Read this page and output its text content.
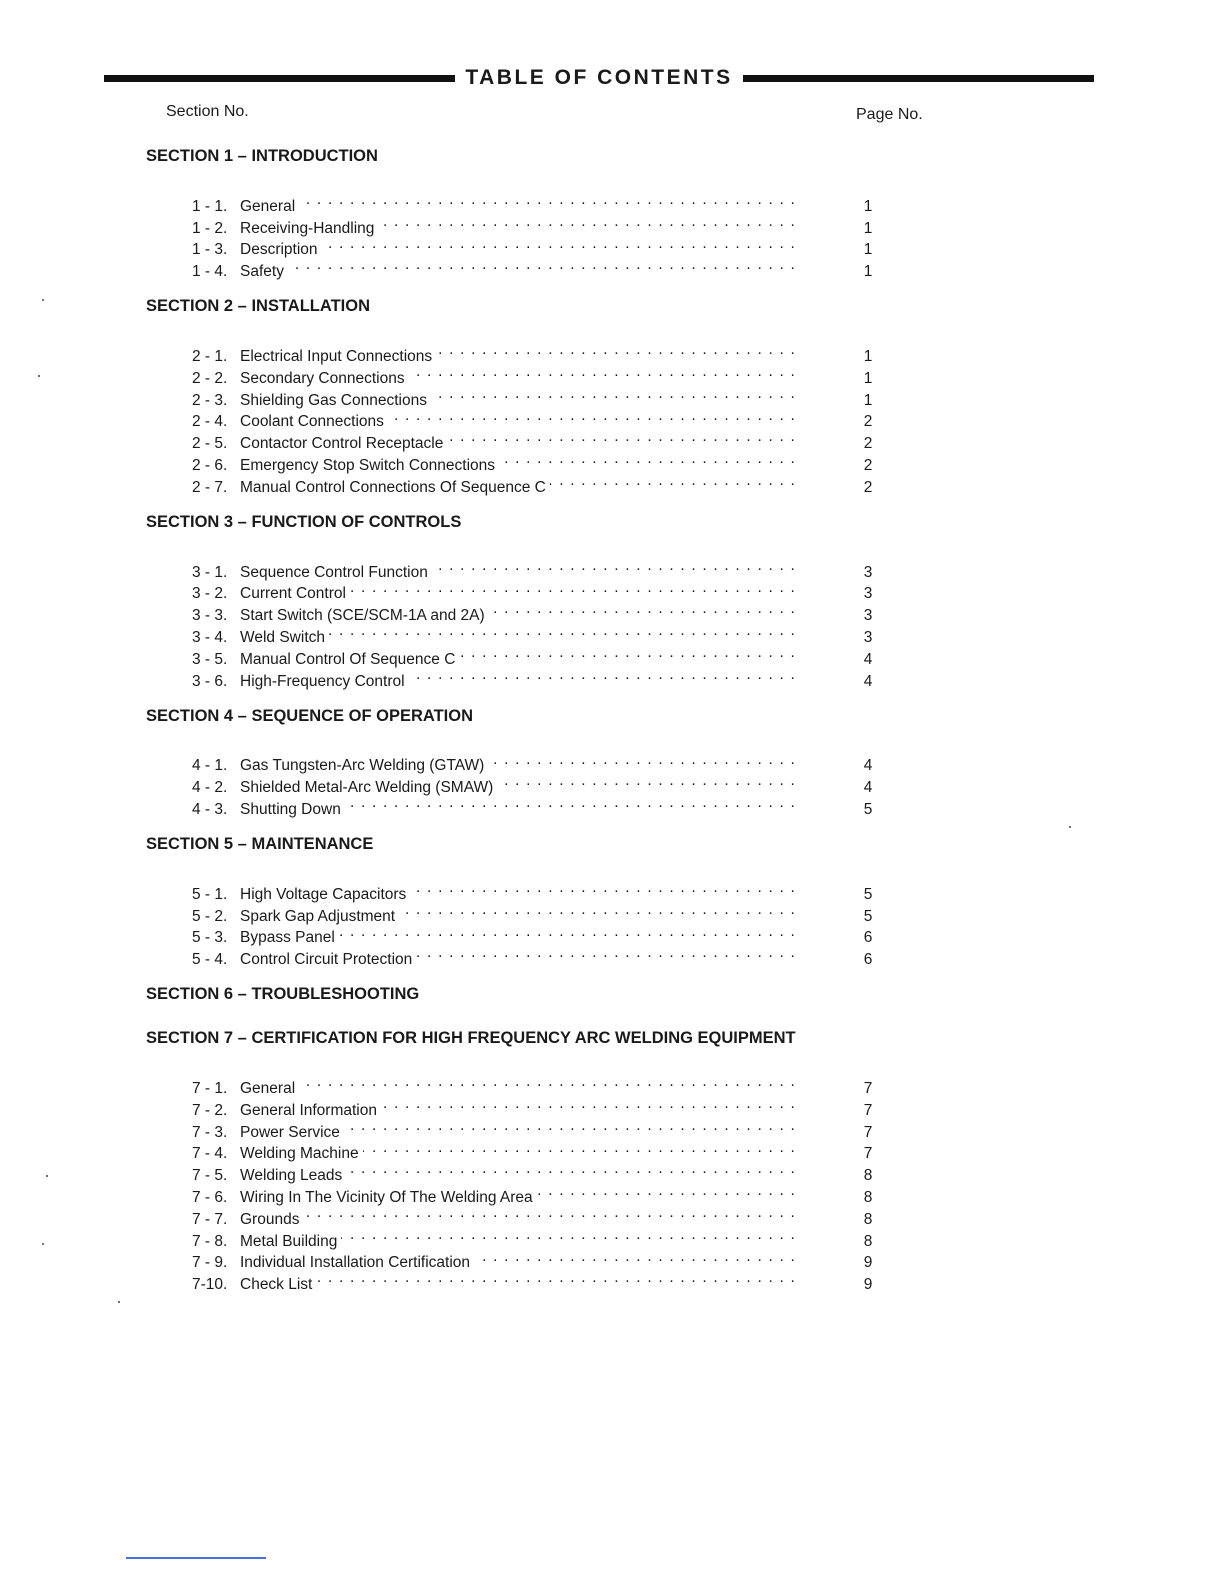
TABLE OF CONTENTS
Section No.	Page No.
SECTION 1 – INTRODUCTION
1 - 1. General . . .	1
1 - 2. Receiving-Handling . . .	1
1 - 3. Description . . .	1
1 - 4. Safety . . .	1
SECTION 2 – INSTALLATION
2 - 1. Electrical Input Connections . . .	1
2 - 2. Secondary Connections . . .	1
2 - 3. Shielding Gas Connections . . .	1
2 - 4. Coolant Connections . . .	2
2 - 5. Contactor Control Receptacle . . .	2
2 - 6. Emergency Stop Switch Connections . . .	2
2 - 7. Manual Control Connections Of Sequence C . . .	2
SECTION 3 – FUNCTION OF CONTROLS
3 - 1. Sequence Control Function . . .	3
3 - 2. Current Control . . .	3
3 - 3. Start Switch (SCE/SCM-1A and 2A) . . .	3
3 - 4. Weld Switch . . .	3
3 - 5. Manual Control Of Sequence C . . .	4
3 - 6. High-Frequency Control . . .	4
SECTION 4 – SEQUENCE OF OPERATION
4 - 1. Gas Tungsten-Arc Welding (GTAW) . . .	4
4 - 2. Shielded Metal-Arc Welding (SMAW) . . .	4
4 - 3. Shutting Down . . .	5
SECTION 5 – MAINTENANCE
5 - 1. High Voltage Capacitors . . .	5
5 - 2. Spark Gap Adjustment . . .	5
5 - 3. Bypass Panel . . .	6
5 - 4. Control Circuit Protection . . .	6
SECTION 6 – TROUBLESHOOTING
SECTION 7 – CERTIFICATION FOR HIGH FREQUENCY ARC WELDING EQUIPMENT
7 - 1. General . . .	7
7 - 2. General Information . . .	7
7 - 3. Power Service . . .	7
7 - 4. Welding Machine . . .	7
7 - 5. Welding Leads . . .	8
7 - 6. Wiring In The Vicinity Of The Welding Area . . .	8
7 - 7. Grounds . . .	8
7 - 8. Metal Building . . .	8
7 - 9. Individual Installation Certification . . .	9
7-10. Check List . . .	9
